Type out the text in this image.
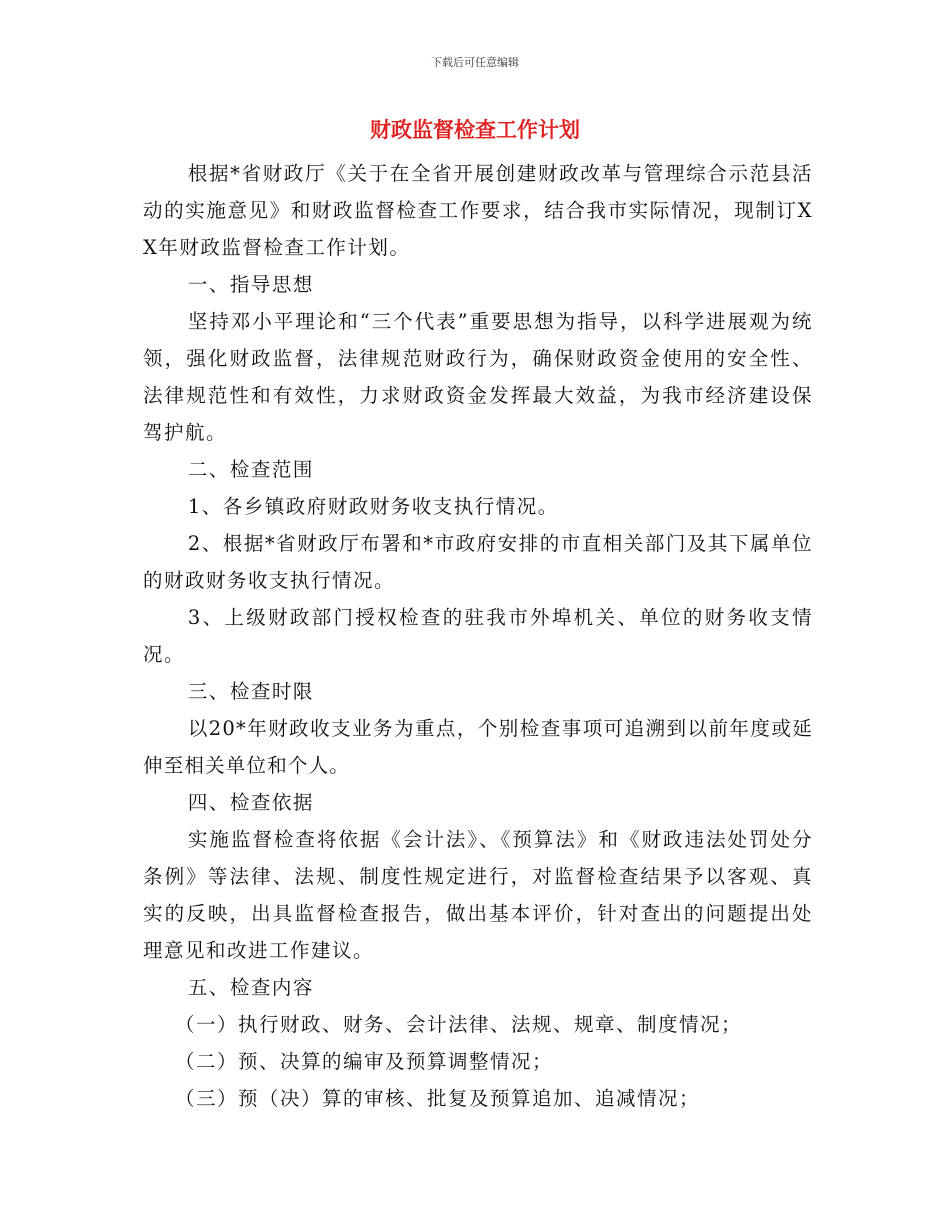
下载后可任意编辑
财政监督检查工作计划

根据*省财政厅《关于在全省开展创建财政改革与管理综合示范县活动的实施意见》和财政监督检查工作要求，结合我市实际情况，现制订XX年财政监督检查工作计划。

一、指导思想

坚持邓小平理论和“三个代表”重要思想为指导，以科学进展观为统领，强化财政监督，法律规范财政行为，确保财政资金使用的安全性、法律规范性和有效性，力求财政资金发挥最大效益，为我市经济建设保驾护航。

二、检查范围

1、各乡镇政府财政财务收支执行情况。

2、根据*省财政厅布署和*市政府安排的市直相关部门及其下属单位的财政财务收支执行情况。

3、上级财政部门授权检查的驻我市外埠机关、单位的财务收支情况。

三、检查时限

以20*年财政收支业务为重点，个别检查事项可追溯到以前年度或延伸至相关单位和个人。

四、检查依据

实施监督检查将依据《会计法》、《预算法》和《财政违法处罚处分条例》等法律、法规、制度性规定进行，对监督检查结果予以客观、真实的反映，出具监督检查报告，做出基本评价，针对查出的问题提出处理意见和改进工作建议。

五、检查内容

（一）执行财政、财务、会计法律、法规、规章、制度情况；

（二）预、决算的编审及预算调整情况；

（三）预（决）算的审核、批复及预算追加、追减情况；
